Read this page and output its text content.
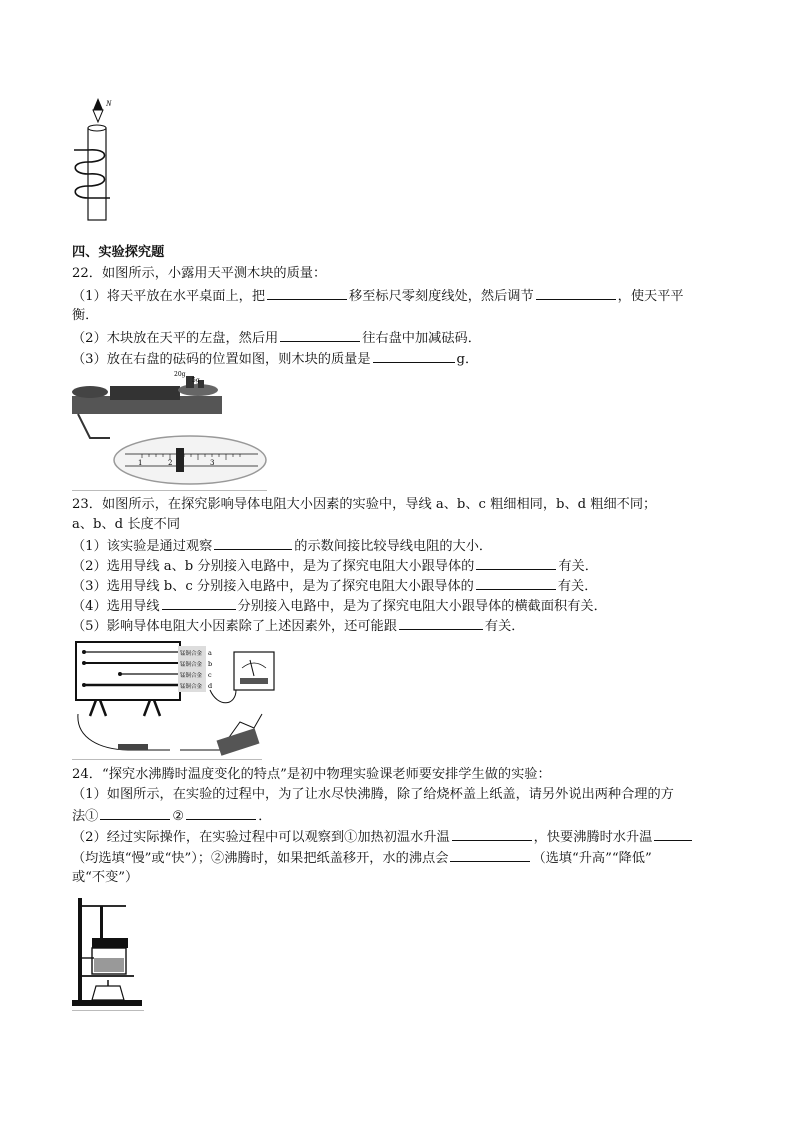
N
四、实验探究题
22．如图所示，小露用天平测木块的质量：
（1）将天平放在水平桌面上，把	移至标尺零刻度线处，然后调节	，使天平平
衡．
（2）木块放在天平的左盘，然后用	往右盘中加减砝码．
（3）放在右盘的砝码的位置如图，则木块的质量是	g．
20g
5g
1	2	3
23．如图所示，在探究影响导体电阻大小因素的实验中，导线 a、b、c 粗细相同，b、d 粗细不同；
a、b、d 长度不同
（1）该实验是通过观察	的示数间接比较导线电阻的大小．
（2）选用导线 a、b 分别接入电路中，是为了探究电阻大小跟导体的	有关．
（3）选用导线 b、c 分别接入电路中，是为了探究电阻大小跟导体的	有关．
（4）选用导线	分别接入电路中，是为了探究电阻大小跟导体的横截面积有关．
（5）影响导体电阻大小因素除了上述因素外，还可能跟	有关．
锰铜合金 a
锰铜合金 b
锰铜合金 c
锰铜合金 d
24．“探究水沸腾时温度变化的特点”是初中物理实验课老师要安排学生做的实验：
（1）如图所示，在实验的过程中，为了让水尽快沸腾，除了给烧杯盖上纸盖，请另外说出两种合理的方
法①	②	．
（2）经过实际操作，在实验过程中可以观察到①加热初温水升温	，快要沸腾时水升温
（均选填“慢”或“快”）；②沸腾时，如果把纸盖移开，水的沸点会	（选填“升高”“降低”
或“不变”）
